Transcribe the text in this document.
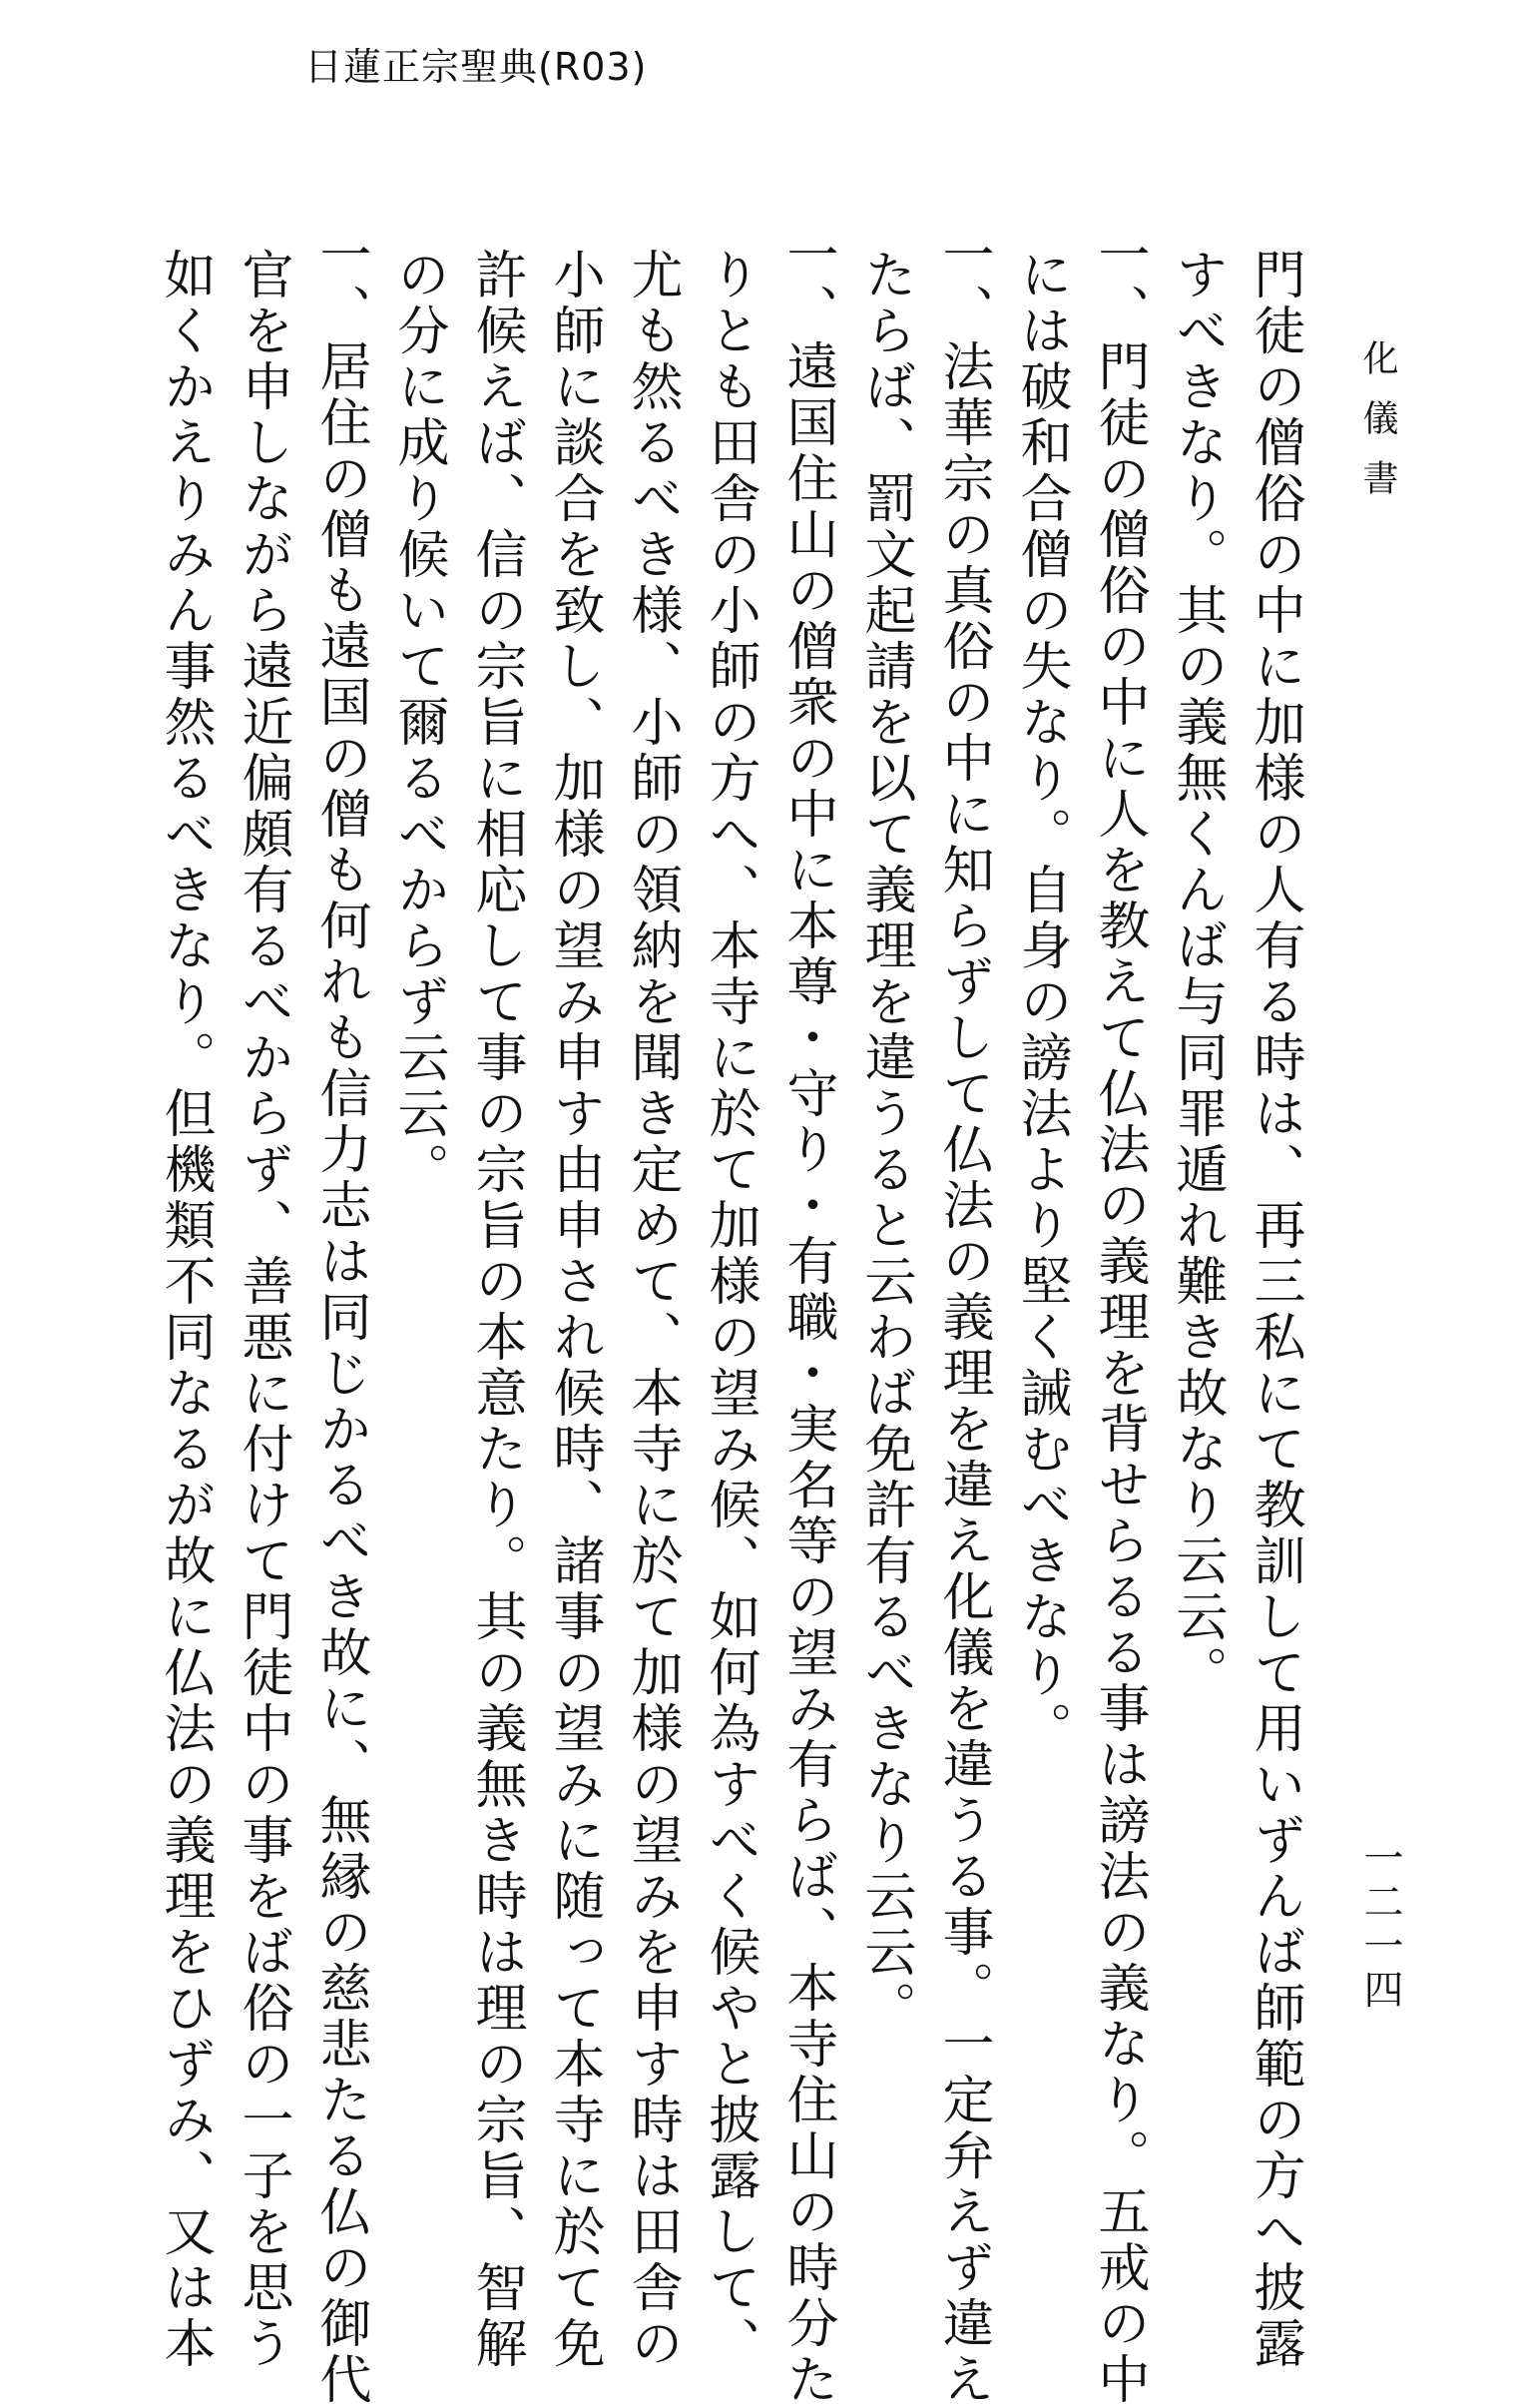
日蓮正宗聖典(R03)
化儀書
一二一四
門徒の僧俗の中に加様の人有る時は、再三私にて教訓して用いずんば師範の方へ披露
すべきなり。其の義無くんば与同罪遁れ難き故なり云云。
一、門徒の僧俗の中に人を教えて仏法の義理を背せらるる事は謗法の義なり。五戒の中
には破和合僧の失なり。自身の謗法より堅く誡むべきなり。
一、法華宗の真俗の中に知らずして仏法の義理を違え化儀を違うる事。一定弁えず違え
たらば、罰文起請を以て義理を違うると云わば免許有るべきなり云云。
一、遠国住山の僧衆の中に本尊・守り・有職・実名等の望み有らば、本寺住山の時分た
りとも田舎の小師の方へ、本寺に於て加様の望み候、如何為すべく候やと披露して、
尤も然るべき様、小師の領納を聞き定めて、本寺に於て加様の望みを申す時は田舎の
小師に談合を致し、加様の望み申す由申され候時、諸事の望みに随って本寺に於て免
許候えば、信の宗旨に相応して事の宗旨の本意たり。其の義無き時は理の宗旨、智解
の分に成り候いて爾るべからず云云。
一、居住の僧も遠国の僧も何れも信力志は同じかるべき故に、無縁の慈悲たる仏の御代
官を申しながら遠近偏頗有るべからず、善悪に付けて門徒中の事をば俗の一子を思う
如くかえりみん事然るべきなり。但機類不同なるが故に仏法の義理をひずみ、又は本
